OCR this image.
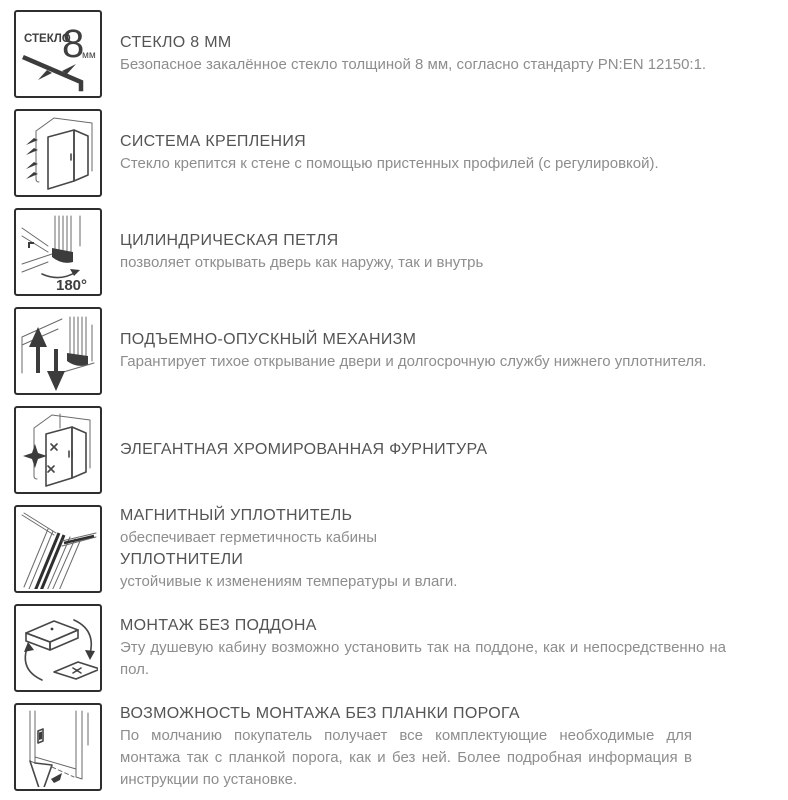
СТЕКЛО
8
мм
СТЕКЛО 8 ММ

Безопасное закалённое стекло толщиной 8 мм, согласно стандарту PN:EN 12150:1.

СИСТЕМА КРЕПЛЕНИЯ

Стекло крепится к стене с помощью пристенных профилей (с регулировкой).

180°
ЦИЛИНДРИЧЕСКАЯ ПЕТЛЯ

позволяет открывать дверь как наружу, так и внутрь

ПОДЪЕМНО-ОПУСКНЫЙ МЕХАНИЗМ

Гарантирует тихое открывание двери и долгосрочную службу нижнего уплотнителя.

ЭЛЕГАНТНАЯ ХРОМИРОВАННАЯ ФУРНИТУРА
МАГНИТНЫЙ УПЛОТНИТЕЛЬ

обеспечивает герметичность кабины

УПЛОТНИТЕЛИ

устойчивые к изменениям температуры и влаги.

МОНТАЖ БЕЗ ПОДДОНА

Эту душевую кабину возможно установить так на поддоне, как и непосредственно на пол.

ВОЗМОЖНОСТЬ МОНТАЖА БЕЗ ПЛАНКИ ПОРОГА

По молчанию покупатель получает все комплектующие необходимые для монтажа так с планкой порога, как и без ней. Более подробная информация в инструкции по установке.
